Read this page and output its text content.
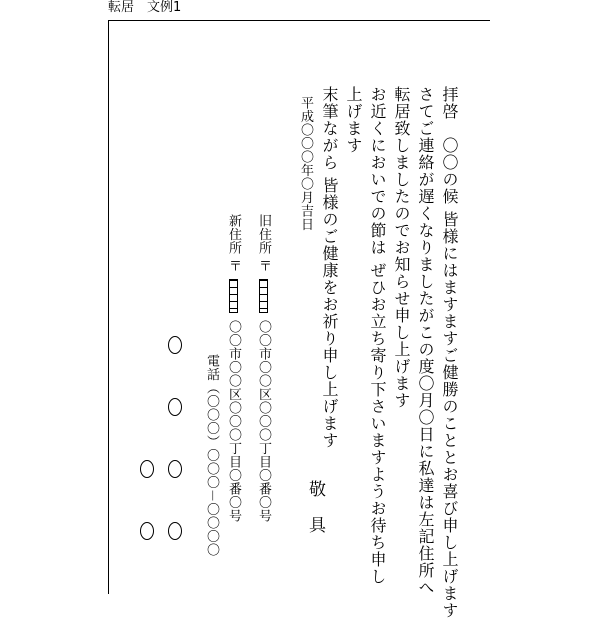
転居　文例1
拝啓　〇〇の候 皆様にはますますご健勝のこととお喜び申し上げます
さてご連絡が遅くなりましたがこの度〇月〇日に私達は左記住所へ
転居致しましたのでお知らせ申し上げます
お近くにおいでの節は ぜひお立ち寄り下さいますようお待ち申し
上げます
末筆ながら 皆様のご健康をお祈り申し上げます
敬　具
平成〇〇〇年〇月吉日
旧住所 〒  〇〇市〇〇区〇〇〇丁目〇番〇号
新住所 〒  〇〇市〇〇区〇〇〇丁目〇番〇号
電話（〇〇〇）〇〇〇－〇〇〇〇
